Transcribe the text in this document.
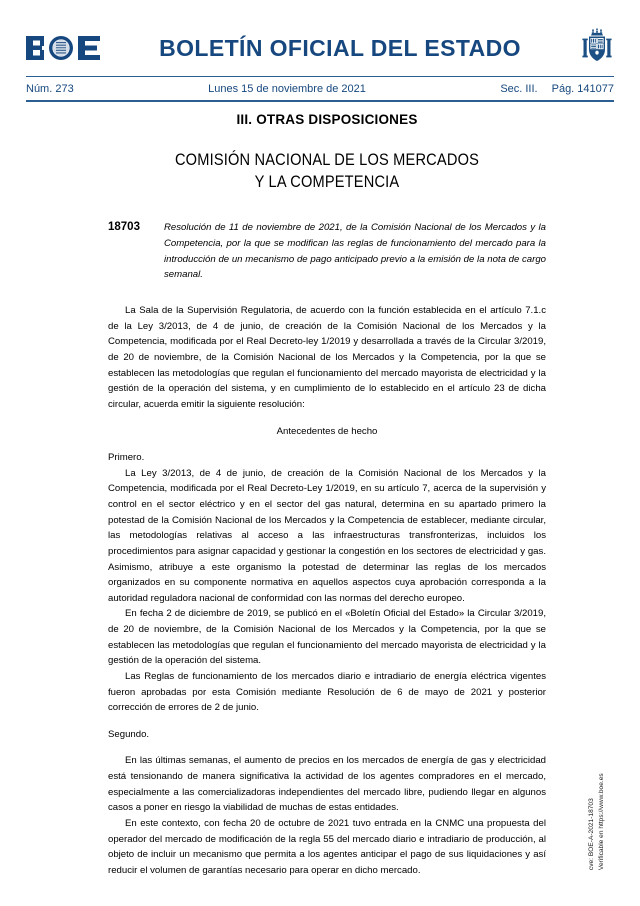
BOLETÍN OFICIAL DEL ESTADO
Núm. 273	Lunes 15 de noviembre de 2021	Sec. III. Pág. 141077
III. OTRAS DISPOSICIONES
COMISIÓN NACIONAL DE LOS MERCADOS
Y LA COMPETENCIA
18703	Resolución de 11 de noviembre de 2021, de la Comisión Nacional de los Mercados y la Competencia, por la que se modifican las reglas de funcionamiento del mercado para la introducción de un mecanismo de pago anticipado previo a la emisión de la nota de cargo semanal.

La Sala de la Supervisión Regulatoria, de acuerdo con la función establecida en el artículo 7.1.c de la Ley 3/2013, de 4 de junio, de creación de la Comisión Nacional de los Mercados y la Competencia, modificada por el Real Decreto-ley 1/2019 y desarrollada a través de la Circular 3/2019, de 20 de noviembre, de la Comisión Nacional de los Mercados y la Competencia, por la que se establecen las metodologías que regulan el funcionamiento del mercado mayorista de electricidad y la gestión de la operación del sistema, y en cumplimiento de lo establecido en el artículo 23 de dicha circular, acuerda emitir la siguiente resolución:

Antecedentes de hecho

Primero.

La Ley 3/2013, de 4 de junio, de creación de la Comisión Nacional de los Mercados y la Competencia, modificada por el Real Decreto-Ley 1/2019, en su artículo 7, acerca de la supervisión y control en el sector eléctrico y en el sector del gas natural, determina en su apartado primero la potestad de la Comisión Nacional de los Mercados y la Competencia de establecer, mediante circular, las metodologías relativas al acceso a las infraestructuras transfronterizas, incluidos los procedimientos para asignar capacidad y gestionar la congestión en los sectores de electricidad y gas. Asimismo, atribuye a este organismo la potestad de determinar las reglas de los mercados organizados en su componente normativa en aquellos aspectos cuya aprobación corresponda a la autoridad reguladora nacional de conformidad con las normas del derecho europeo.

En fecha 2 de diciembre de 2019, se publicó en el «Boletín Oficial del Estado» la Circular 3/2019, de 20 de noviembre, de la Comisión Nacional de los Mercados y la Competencia, por la que se establecen las metodologías que regulan el funcionamiento del mercado mayorista de electricidad y la gestión de la operación del sistema.

Las Reglas de funcionamiento de los mercados diario e intradiario de energía eléctrica vigentes fueron aprobadas por esta Comisión mediante Resolución de 6 de mayo de 2021 y posterior corrección de errores de 2 de junio.

Segundo.

En las últimas semanas, el aumento de precios en los mercados de energía de gas y electricidad está tensionando de manera significativa la actividad de los agentes compradores en el mercado, especialmente a las comercializadoras independientes del mercado libre, pudiendo llegar en algunos casos a poner en riesgo la viabilidad de muchas de estas entidades.

En este contexto, con fecha 20 de octubre de 2021 tuvo entrada en la CNMC una propuesta del operador del mercado de modificación de la regla 55 del mercado diario e intradiario de producción, al objeto de incluir un mecanismo que permita a los agentes anticipar el pago de sus liquidaciones y así reducir el volumen de garantías necesario para operar en dicho mercado.

cve: BOE-A-2021-18703 Verificable en https://www.boe.es
